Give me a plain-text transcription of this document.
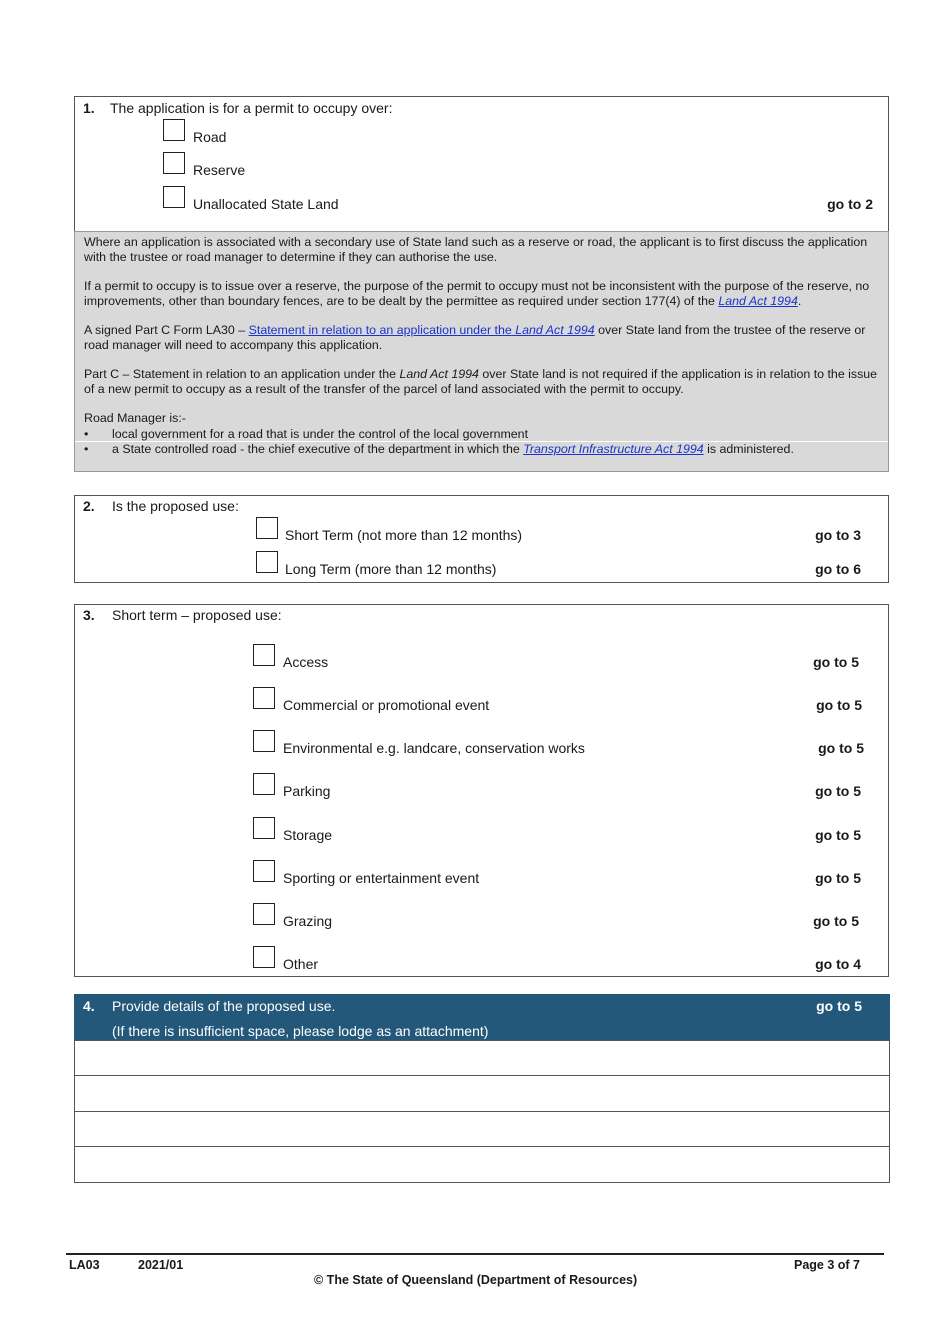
1. The application is for a permit to occupy over:
Road
Reserve
Unallocated State Land	go to 2

Where an application is associated with a secondary use of State land such as a reserve or road, the applicant is to first discuss the application with the trustee or road manager to determine if they can authorise the use.

If a permit to occupy is to issue over a reserve, the purpose of the permit to occupy must not be inconsistent with the purpose of the reserve, no improvements, other than boundary fences, are to be dealt by the permittee as required under section 177(4) of the Land Act 1994.

A signed Part C Form LA30 – Statement in relation to an application under the Land Act 1994 over State land from the trustee of the reserve or road manager will need to accompany this application.

Part C – Statement in relation to an application under the Land Act 1994 over State land is not required if the application is in relation to the issue of a new permit to occupy as a result of the transfer of the parcel of land associated with the permit to occupy.

Road Manager is:-

• local government for a road that is under the control of the local government

• a State controlled road - the chief executive of the department in which the Transport Infrastructure Act 1994 is administered.

2. Is the proposed use:
Short Term (not more than 12 months)	go to 3
Long Term (more than 12 months)	go to 6
3. Short term – proposed use:
Access	go to 5
Commercial or promotional event	go to 5
Environmental e.g. landcare, conservation works	go to 5
Parking	go to 5
Storage	go to 5
Sporting or entertainment event	go to 5
Grazing	go to 5
Other	go to 4
4. Provide details of the proposed use.	go to 5
(If there is insufficient space, please lodge as an attachment)
LA03	2021/01	Page 3 of 7
© The State of Queensland (Department of Resources)
